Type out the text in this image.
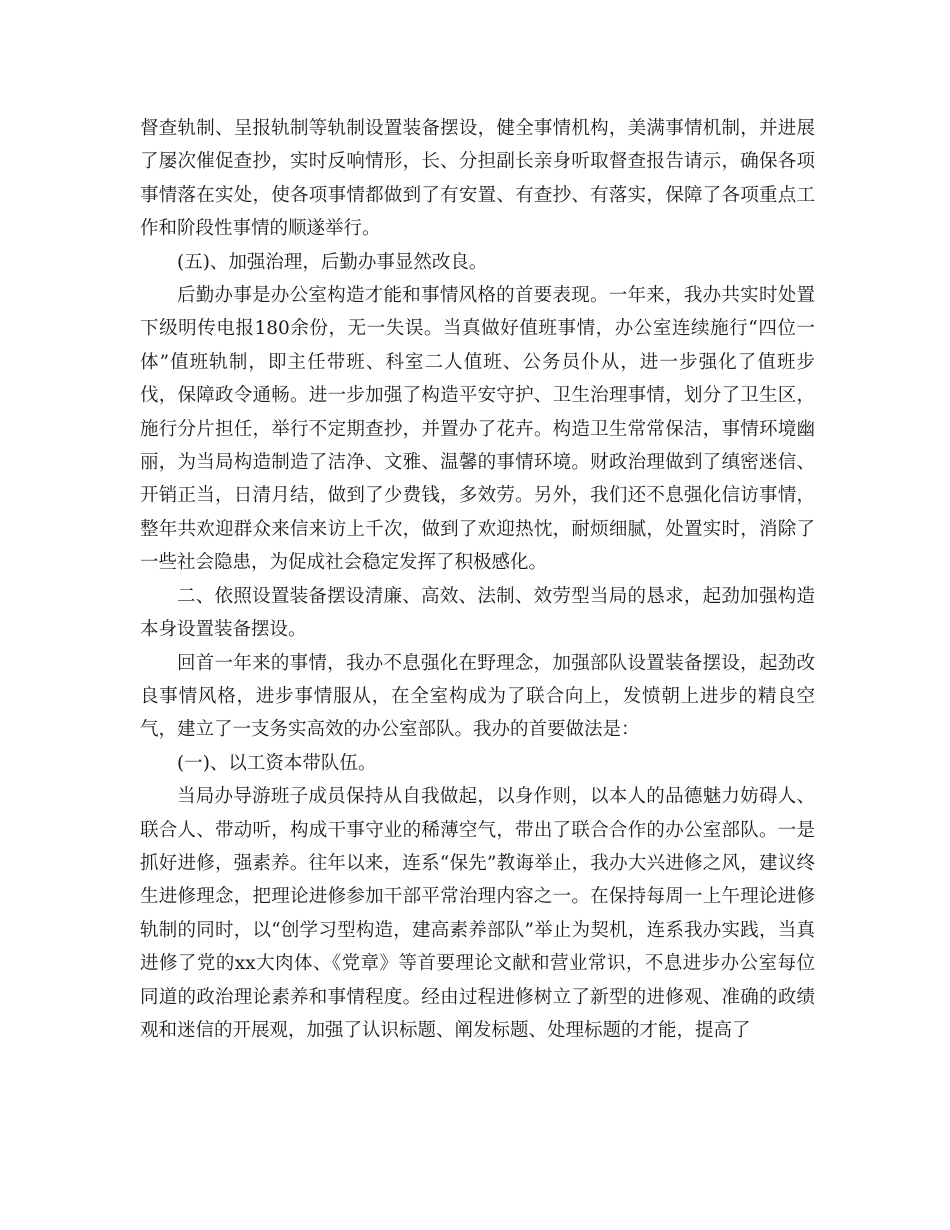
督查轨制、呈报轨制等轨制设置装备摆设，健全事情机构，美满事情机制，并进展了屡次催促查抄，实时反响情形，长、分担副长亲身听取督查报告请示，确保各项事情落在实处，使各项事情都做到了有安置、有查抄、有落实，保障了各项重点工作和阶段性事情的顺遂举行。

(五)、加强治理，后勤办事显然改良。

后勤办事是办公室构造才能和事情风格的首要表现。一年来，我办共实时处置下级明传电报180余份，无一失误。当真做好值班事情，办公室连续施行“四位一体”值班轨制，即主任带班、科室二人值班、公务员仆从，进一步强化了值班步伐，保障政令通畅。进一步加强了构造平安守护、卫生治理事情，划分了卫生区，施行分片担任，举行不定期查抄，并置办了花卉。构造卫生常常保洁，事情环境幽丽，为当局构造制造了洁净、文雅、温馨的事情环境。财政治理做到了缜密迷信、开销正当，日清月结，做到了少费钱，多效劳。另外，我们还不息强化信访事情，整年共欢迎群众来信来访上千次，做到了欢迎热忱，耐烦细腻，处置实时，消除了一些社会隐患，为促成社会稳定发挥了积极感化。

二、依照设置装备摆设清廉、高效、法制、效劳型当局的恳求，起劲加强构造本身设置装备摆设。

回首一年来的事情，我办不息强化在野理念，加强部队设置装备摆设，起劲改良事情风格，进步事情服从，在全室构成为了联合向上，发愤朝上进步的精良空气，建立了一支务实高效的办公室部队。我办的首要做法是：

(一)、以工资本带队伍。

当局办导游班子成员保持从自我做起，以身作则，以本人的品德魅力妨碍人、联合人、带动听，构成干事守业的稀薄空气，带出了联合合作的办公室部队。一是抓好进修，强素养。往年以来，连系“保先”教诲举止，我办大兴进修之风，建议终生进修理念，把理论进修参加干部平常治理内容之一。在保持每周一上午理论进修轨制的同时，以“创学习型构造，建高素养部队”举止为契机，连系我办实践，当真进修了党的xx大肉体、《党章》等首要理论文献和营业常识，不息进步办公室每位同道的政治理论素养和事情程度。经由过程进修树立了新型的进修观、准确的政绩观和迷信的开展观，加强了认识标题、阐发标题、处理标题的才能，提高了
